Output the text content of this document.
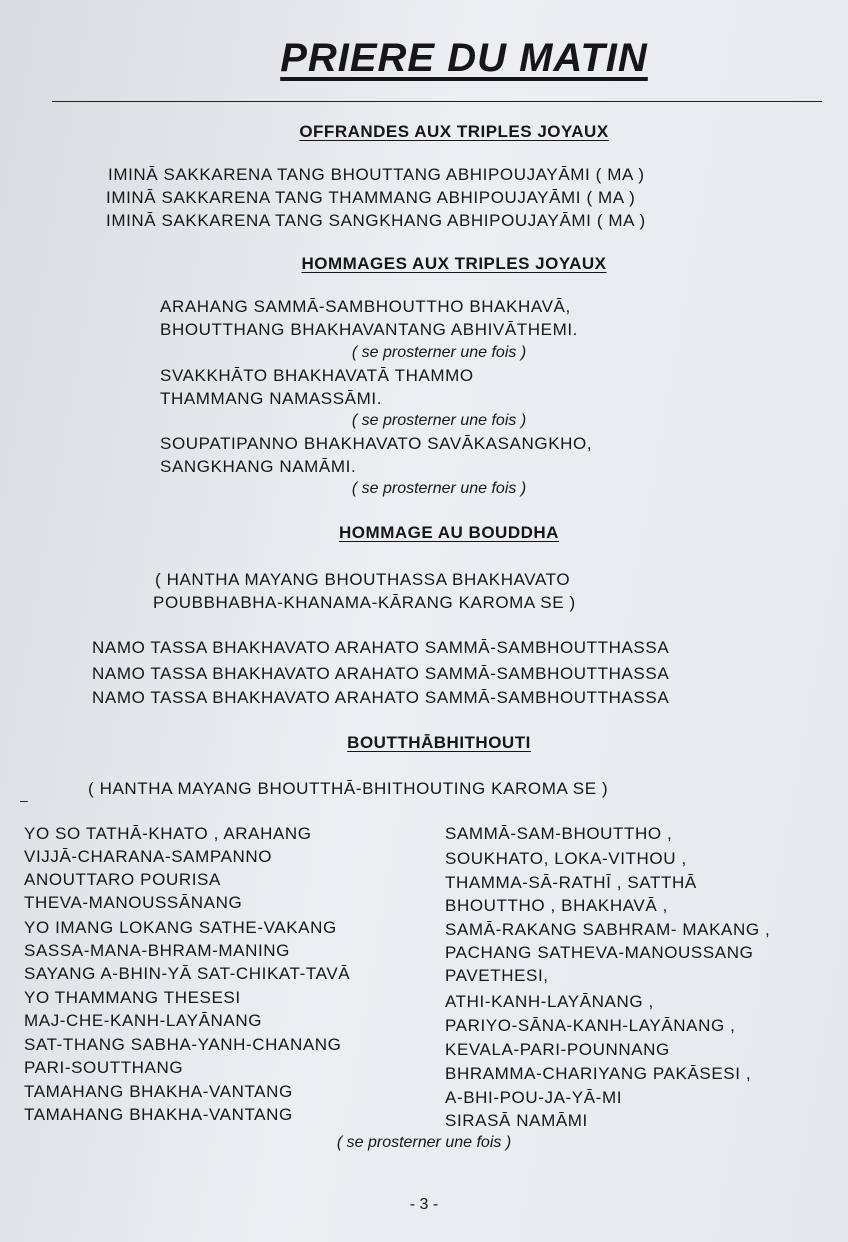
PRIERE DU MATIN
OFFRANDES AUX TRIPLES JOYAUX

IMINĀ SAKKARENA TANG BHOUTTANG ABHIPOUJAYĀMI ( MA )

IMINĀ SAKKARENA TANG THAMMANG ABHIPOUJAYĀMI ( MA )

IMINĀ SAKKARENA TANG SANGKHANG ABHIPOUJAYĀMI ( MA )

HOMMAGES AUX TRIPLES JOYAUX

ARAHANG SAMMĀ-SAMBHOUTTHO BHAKHAVĀ,

BHOUTTHANG BHAKHAVANTANG ABHIVĀTHEMI.

( se prosterner une fois )

SVAKKHĀTO BHAKHAVATĀ THAMMO

THAMMANG NAMASSĀMI.

( se prosterner une fois )

SOUPATIPANNO BHAKHAVATO SAVĀKASANGKHO,

SANGKHANG NAMĀMI.

( se prosterner une fois )

HOMMAGE AU BOUDDHA

( HANTHA MAYANG BHOUTHASSA BHAKHAVATO

POUBBHABHA-KHANAMA-KĀRANG KAROMA SE )

NAMO TASSA BHAKHAVATO ARAHATO SAMMĀ-SAMBHOUTTHASSA

NAMO TASSA BHAKHAVATO ARAHATO SAMMĀ-SAMBHOUTTHASSA

NAMO TASSA BHAKHAVATO ARAHATO SAMMĀ-SAMBHOUTTHASSA

BOUTTHĀBHITHOUTI

( HANTHA MAYANG BHOUTTHĀ-BHITHOUTING KAROMA SE )

–

YO SO TATHĀ-KHATO , ARAHANG

VIJJĀ-CHARANA-SAMPANNO

ANOUTTARO POURISA

THEVA-MANOUSSĀNANG

YO IMANG LOKANG SATHE-VAKANG

SASSA-MANA-BHRAM-MANING

SAYANG A-BHIN-YĀ SAT-CHIKAT-TAVĀ

YO THAMMANG THESESI

MAJ-CHE-KANH-LAYĀNANG

SAT-THANG SABHA-YANH-CHANANG

PARI-SOUTTHANG

TAMAHANG BHAKHA-VANTANG

TAMAHANG BHAKHA-VANTANG

SAMMĀ-SAM-BHOUTTHO ,

SOUKHATO, LOKA-VITHOU ,

THAMMA-SĀ-RATHĪ , SATTHĀ

BHOUTTHO , BHAKHAVĀ ,

SAMĀ-RAKANG SABHRAM- MAKANG ,

PACHANG SATHEVA-MANOUSSANG

PAVETHESI,

ATHI-KANH-LAYĀNANG ,

PARIYO-SĀNA-KANH-LAYĀNANG ,

KEVALA-PARI-POUNNANG

BHRAMMA-CHARIYANG PAKĀSESI ,

A-BHI-POU-JA-YĀ-MI

SIRASĀ NAMĀMI

( se prosterner une fois )

- 3 -
